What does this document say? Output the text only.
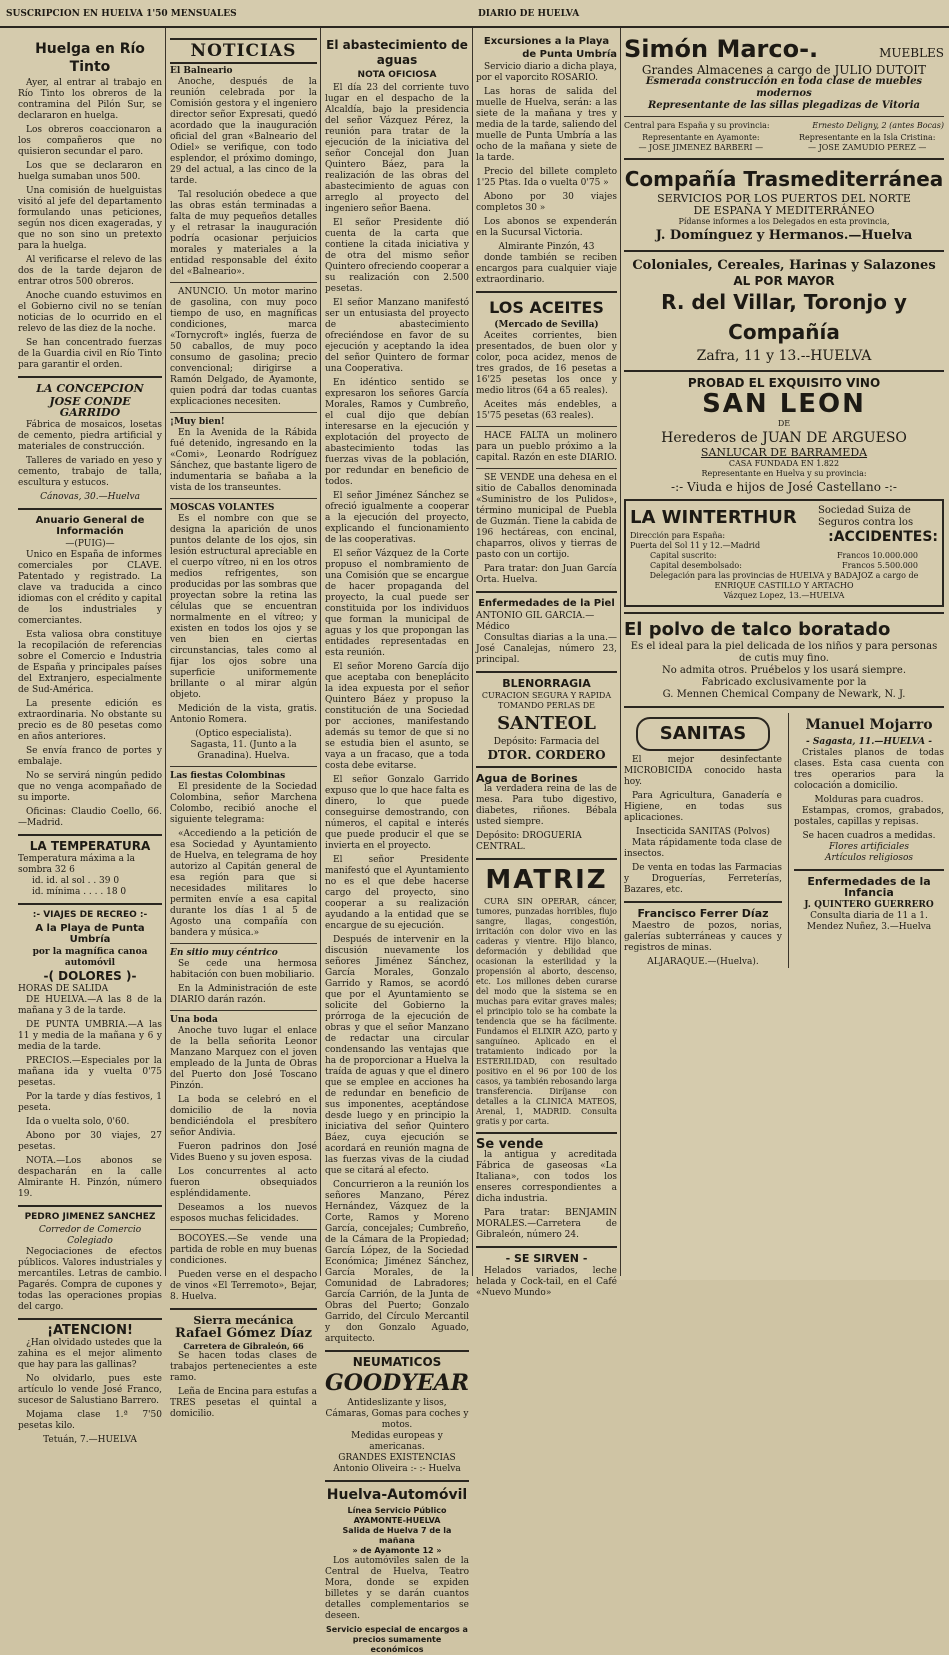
SUSCRIPCION EN HUELVA 1'50 MENSUALES	DIARIO DE HUELVA
Huelga en Río Tinto

Ayer, al entrar al trabajo en Río Tinto los obreros de la contramina del Pilón Sur, se declararon en huelga.

Los obreros coaccionaron a los compañeros que no quisieron secundar el paro.

Los que se declararon en huelga sumaban unos 500.

Una comisión de huelguistas visitó al jefe del departamento formulando unas peticiones, según nos dicen exageradas, y que no son sino un pretexto para la huelga.

Al verificarse el relevo de las dos de la tarde dejaron de entrar otros 500 obreros.

Anoche cuando estuvimos en el Gobierno civil no se tenían noticias de lo ocurrido en el relevo de las diez de la noche.

Se han concentrado fuerzas de la Guardia civil en Río Tinto para garantir el orden.

LA CONCEPCION
JOSE CONDE GARRIDO

Fábrica de mosaicos, losetas de cemento, piedra artificial y materiales de construcción.

Talleres de variado en yeso y cemento, trabajo de talla, escultura y estucos.

Cánovas, 30.—Huelva
Anuario General de Información
—(PUIG)—

Unico en España de informes comerciales por CLAVE. Patentado y registrado. La clave va traducida a cinco idiomas con el crédito y capital de los industriales y comerciantes.

Esta valiosa obra constituye la recopilación de referencias sobre el Comercio e Industria de España y principales países del Extranjero, especialmente de Sud-América.

La presente edición es extraordinaria. No obstante su precio es de 80 pesetas como en años anteriores.

Se envía franco de portes y embalaje.

No se servirá ningún pedido que no venga acompañado de su importe.

Oficinas: Claudio Coello, 66.—Madrid.

LA TEMPERATURA
Temperatura máxima a la sombra 32 6
id. id. al sol . . 39 0
id. mínima . . . . 18 0
:- VIAJES DE RECREO :-
A la Playa de Punta Umbría
por la magnífica canoa automóvil
-( DOLORES )-
HORAS DE SALIDA

DE HUELVA.—A las 8 de la mañana y 3 de la tarde.

DE PUNTA UMBRIA.—A las 11 y media de la mañana y 6 y media de la tarde.

PRECIOS.—Especiales por la mañana ida y vuelta 0'75 pesetas.

Por la tarde y días festivos, 1 peseta.

Ida o vuelta solo, 0'60.

Abono por 30 viajes, 27 pesetas.

NOTA.—Los abonos se despacharán en la calle Almirante H. Pinzón, número 19.

PEDRO JIMENEZ SANCHEZ
Corredor de Comercio Colegiado

Negociaciones de efectos públicos. Valores industriales y mercantiles. Letras de cambio. Pagarés. Compra de cupones y todas las operaciones propias del cargo.

¡ATENCION!

¿Han olvidado ustedes que la zahina es el mejor alimento que hay para las gallinas?

No olvidarlo, pues este artículo lo vende José Franco, sucesor de Salustiano Barrero.

Mojama clase 1.ª 7'50 pesetas kilo.

Tetuán, 7.—HUELVA
NOTICIAS
El Balneario

Anoche, después de la reunión celebrada por la Comisión gestora y el ingeniero director señor Expresati, quedó acordado que la inauguración oficial del gran «Balneario del Odiel» se verifique, con todo esplendor, el próximo domingo, 29 del actual, a las cinco de la tarde.

Tal resolución obedece a que las obras están terminadas a falta de muy pequeños detalles y el retrasar la inauguración podría ocasionar perjuicios morales y materiales a la entidad responsable del éxito del «Balneario».

ANUNCIO. Un motor marino de gasolina, con muy poco tiempo de uso, en magníficas condiciones, marca «Tornycroft» inglés, fuerza de 50 caballos, de muy poco consumo de gasolina; precio convencional; dirigirse a Ramón Delgado, de Ayamonte, quien podrá dar todas cuantas explicaciones necesiten.

¡Muy bien!

En la Avenida de la Rábida fué detenido, ingresando en la «Comi», Leonardo Rodríguez Sánchez, que bastante ligero de indumentaria se bañaba a la vista de los transeuntes.

MOSCAS VOLANTES

Es el nombre con que se designa la aparición de unos puntos delante de los ojos, sin lesión estructural apreciable en el cuerpo vítreo, ni en los otros medios refrigentes, son producidas por las sombras que proyectan sobre la retina las células que se encuentran normalmente en el vítreo; y existen en todos los ojos y se ven bien en ciertas circunstancias, tales como al fijar los ojos sobre una superficie uniformemente brillante o al mirar algún objeto.

Medición de la vista, gratis. Antonio Romera.

(Optico especialista).
Sagasta, 11. (Junto a la Granadina). Huelva.
Las fiestas Colombinas

El presidente de la Sociedad Colombina, señor Marchena Colombo, recibió anoche el siguiente telegrama:

«Accediendo a la petición de esa Sociedad y Ayuntamiento de Huelva, en telegrama de hoy autorizo al Capitán general de esa región para que si necesidades militares lo permiten envíe a esa capital durante los días 1 al 5 de Agosto una compañía con bandera y música.»

En sitio muy céntrico

Se cede una hermosa habitación con buen mobiliario.

En la Administración de este DIARIO darán razón.

Una boda

Anoche tuvo lugar el enlace de la bella señorita Leonor Manzano Marquez con el joven empleado de la Junta de Obras del Puerto don José Toscano Pinzón.

La boda se celebró en el domicilio de la novia bendiciéndola el presbítero señor Andivia.

Fueron padrinos don José Vides Bueno y su joven esposa.

Los concurrentes al acto fueron obsequiados espléndidamente.

Deseamos a los nuevos esposos muchas felicidades.

BOCOYES.—Se vende una partida de roble en muy buenas condiciones.

Pueden verse en el despacho de vinos «El Terremoto», Bejar, 8. Huelva.

Sierra mecánica
Rafael Gómez Díaz
Carretera de Gibraleón, 66

Se hacen todas clases de trabajos pertenecientes a este ramo.

Leña de Encina para estufas a TRES pesetas el quintal a domicilio.

El abastecimiento de aguas
NOTA OFICIOSA

El día 23 del corriente tuvo lugar en el despacho de la Alcaldía, bajo la presidencia del señor Vázquez Pérez, la reunión para tratar de la ejecución de la iniciativa del señor Concejal don Juan Quintero Báez, para la realización de las obras del abastecimiento de aguas con arreglo al proyecto del ingeniero señor Baena.

El señor Presidente dió cuenta de la carta que contiene la citada iniciativa y de otra del mismo señor Quintero ofreciendo cooperar a su realización con 2.500 pesetas.

El señor Manzano manifestó ser un entusiasta del proyecto de abastecimiento ofreciéndose en favor de su ejecución y aceptando la idea del señor Quintero de formar una Cooperativa.

En idéntico sentido se expresaron los señores García Morales, Ramos y Cumbreño, el cual dijo que debían interesarse en la ejecución y explotación del proyecto de abastecimiento todas las fuerzas vivas de la población, por redundar en beneficio de todos.

El señor Jiménez Sánchez se ofreció igualmente a cooperar a la ejecución del proyecto, explicando el funcionamiento de las cooperativas.

El señor Vázquez de la Corte propuso el nombramiento de una Comisión que se encargue de hacer propaganda del proyecto, la cual puede ser constituida por los individuos que forman la municipal de aguas y los que propongan las entidades representadas en esta reunión.

El señor Moreno García dijo que aceptaba con beneplácito la idea expuesta por el señor Quintero Báez y propuso la constitución de una Sociedad por acciones, manifestando además su temor de que si no se estudia bien el asunto, se vaya a un fracaso, que a toda costa debe evitarse.

El señor Gonzalo Garrido expuso que lo que hace falta es dinero, lo que puede conseguirse demostrando, con números, el capital e interés que puede producir el que se invierta en el proyecto.

El señor Presidente manifestó que el Ayuntamiento no es el que debe hacerse cargo del proyecto, sino cooperar a su realización ayudando a la entidad que se encargue de su ejecución.

Después de intervenir en la discusión nuevamente los señores Jiménez Sánchez, García Morales, Gonzalo Garrido y Ramos, se acordó que por el Ayuntamiento se solicite del Gobierno la prórroga de la ejecución de obras y que el señor Manzano de redactar una circular condensando las ventajas que ha de proporcionar a Huelva la traída de aguas y que el dinero que se emplee en acciones ha de redundar en beneficio de sus imponentes, aceptándose desde luego y en principio la iniciativa del señor Quintero Báez, cuya ejecución se acordará en reunión magna de las fuerzas vivas de la ciudad que se citará al efecto.

Concurrieron a la reunión los señores Manzano, Pérez Hernández, Vázquez de la Corte, Ramos y Moreno García, concejales; Cumbreño, de la Cámara de la Propiedad; García López, de la Sociedad Económica; Jiménez Sánchez, García Morales, de la Comunidad de Labradores; García Carrión, de la Junta de Obras del Puerto; Gonzalo Garrido, del Círculo Mercantil y don Gonzalo Aguado, arquitecto.

NEUMATICOS
GOODYEAR
Antideslizante y lisos, Cámaras, Gomas para coches y motos.
Medidas europeas y americanas.
GRANDES EXISTENCIAS
Antonio Oliveira :- :- Huelva
Huelva-Automóvil
Línea Servicio Público
AYAMONTE-HUELVA
Salida de Huelva 7 de la mañana
» de Ayamonte 12 »

Los automóviles salen de la Central de Huelva, Teatro Mora, donde se expiden billetes y se darán cuantos detalles complementarios se deseen.

Servicio especial de encargos a precios sumamente económicos
Excursiones a la Playa
de Punta Umbría

Servicio diario a dicha playa, por el vaporcito ROSARIO.

Las horas de salida del muelle de Huelva, serán: a las siete de la mañana y tres y media de la tarde, saliendo del muelle de Punta Umbría a las ocho de la mañana y siete de la tarde.

Precio del billete completo 1'25 Ptas. Ida o vuelta 0'75 »

Abono por 30 viajes completos 30 »

Los abonos se expenderán en la Sucursal Victoria.

Almirante Pinzón, 43

donde también se reciben encargos para cualquier viaje extraordinario.

LOS ACEITES
(Mercado de Sevilla)

Aceites corrientes, bien presentados, de buen olor y color, poca acidez, menos de tres grados, de 16 pesetas a 16'25 pesetas los once y medio litros (64 a 65 reales).

Aceites más endebles, a 15'75 pesetas (63 reales).

HACE FALTA un molinero para un pueblo próximo a la capital. Razón en este DIARIO.

SE VENDE una dehesa en el sitio de Caballos denominada «Suministro de los Pulidos», término municipal de Puebla de Guzmán. Tiene la cabida de 196 hectáreas, con encinal, chaparros, olivos y tierras de pasto con un cortijo.

Para tratar: don Juan García Orta. Huelva.

Enfermedades de la Piel
ANTONIO GIL GARCIA.—Médico

Consultas diarias a la una.—José Canalejas, número 23, principal.

BLENORRAGIA
CURACION SEGURA Y RAPIDA
TOMANDO PERLAS DE
SANTEOL
Depósito: Farmacia del
DTOR. CORDERO
Agua de Borines

la verdadera reina de las de mesa. Para tubo digestivo, diabetes, riñones. Bébala usted siempre.

Depósito: DROGUERIA CENTRAL.
MATRIZ

CURA SIN OPERAR, cáncer, tumores, punzadas horribles, flujo sangre, llagas, congestión, irritación con dolor vivo en las caderas y vientre. Hijo blanco, deformación y debilidad que ocasionan la esterilidad y la propensión al aborto, descenso, etc. Los millones deben curarse del modo que la sistema se en muchas para evitar graves males; el principio tolo se ha combate la tendencia que se ha fácilmente. Fundamos el ELIXIR AZO, parto y sanguíneo. Aplicado en el tratamiento indicado por la ESTERILIDAD, con resultado positivo en el 96 por 100 de los casos, ya también rebosando larga transferencia. Diríjanse con detalles a la CLINICA MATEOS, Arenal, 1, MADRID. Consulta gratis y por carta.

Se vende

la antigua y acreditada Fábrica de gaseosas «La Italiana», con todos los enseres correspondientes a dicha industria.

Para tratar: BENJAMIN MORALES.—Carretera de Gibraleón, número 24.

- SE SIRVEN -

Helados variados, leche helada y Cock-tail, en el Café «Nuevo Mundo»

Simón Marco-.	MUEBLES
Grandes Almacenes a cargo de JULIO DUTOIT
Esmerada construcción en toda clase de muebles modernos
Representante de las sillas plegadizas de Vitoria
Central para España y su provincia:	Ernesto Deligny, 2 (antes Bocas)
Representante en Ayamonte:
— JOSE JIMENEZ BARBERI —
Representante en la Isla Cristina:
— JOSE ZAMUDIO PEREZ —
Compañía Trasmediterránea
SERVICIOS POR LOS PUERTOS DEL NORTE
DE ESPAÑA Y MEDITERRÁNEO
Pídanse informes a los Delegados en esta provincia,
J. Domínguez y Hermanos.—Huelva
Coloniales, Cereales, Harinas y Salazones
AL POR MAYOR
R. del Villar, Toronjo y Compañía
Zafra, 11 y 13.--HUELVA
PROBAD EL EXQUISITO VINO
SAN LEON
DE
Herederos de JUAN DE ARGUESO
SANLUCAR DE BARRAMEDA
CASA FUNDADA EN 1.822
Representante en Huelva y su provincia:
-:- Viuda e hijos de José Castellano -:-
LA WINTERTHUR Sociedad Suiza de Seguros contra los
Dirección para España:
Puerta del Sol 11 y 12.—Madrid
:ACCIDENTES:
Capital suscrito:	Francos 10.000.000
Capital desembolsado:	Francos 5.500.000
Delegación para las provincias de HUELVA y BADAJOZ a cargo de
ENRIQUE CASTILLO Y ARTACHO
Vázquez Lopez, 13.—HUELVA
El polvo de talco boratado
Es el ideal para la piel delicada de los niños y para personas de cutis muy fino.
No admita otros. Pruébelos y los usará siempre.
Fabricado exclusivamente por la
G. Mennen Chemical Company de Newark, N. J.
SANITAS

El mejor desinfectante MICROBICIDA conocido hasta hoy.

Para Agricultura, Ganadería e Higiene, en todas sus aplicaciones.

Insecticida SANITAS (Polvos)

Mata rápidamente toda clase de insectos.

De venta en todas las Farmacias y Droguerías, Ferreterías, Bazares, etc.

Francisco Ferrer Díaz

Maestro de pozos, norias, galerías subterráneas y cauces y registros de minas.

ALJARAQUE.—(Huelva).
Manuel Mojarro
- Sagasta, 11.—HUELVA -

Cristales planos de todas clases. Esta casa cuenta con tres operarios para la colocación a domicilio.

Molduras para cuadros.

Estampas, cromos, grabados, postales, capillas y repisas.

Se hacen cuadros a medidas.
Flores artificiales
Artículos religiosos
Enfermedades de la Infancia
J. QUINTERO GUERRERO
Consulta diaria de 11 a 1.
Mendez Nuñez, 3.—Huelva
